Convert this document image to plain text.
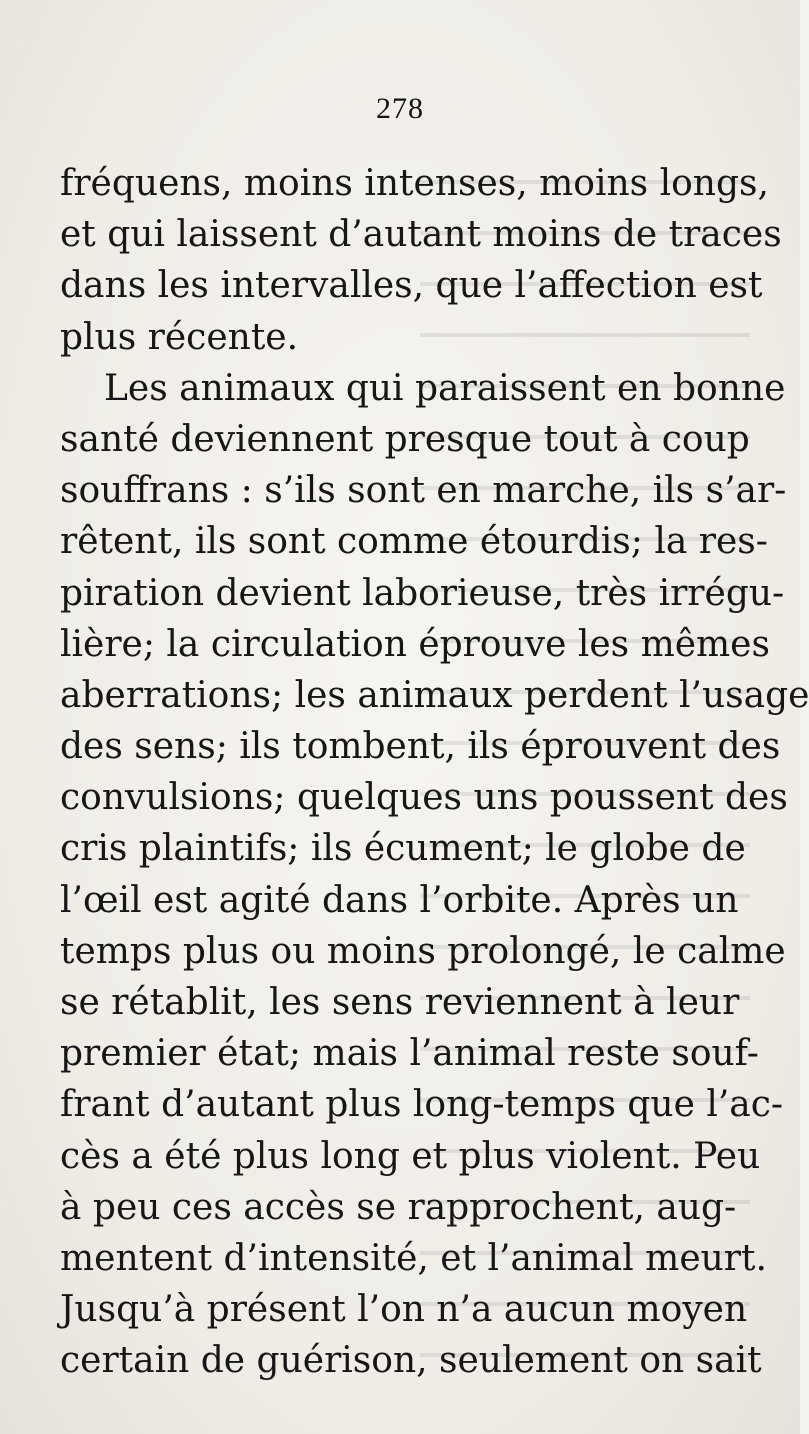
278
fréquens, moins intenses, moins longs,
et qui laissent d’autant moins de traces
dans les intervalles, que l’affection est
plus récente.
Les animaux qui paraissent en bonne
santé deviennent presque tout à coup
souffrans : s’ils sont en marche, ils s’ar-
rêtent, ils sont comme étourdis; la res-
piration devient laborieuse, très irrégu-
lière; la circulation éprouve les mêmes
aberrations; les animaux perdent l’usage
des sens; ils tombent, ils éprouvent des
convulsions; quelques uns poussent des
cris plaintifs; ils écument; le globe de
l’œil est agité dans l’orbite. Après un
temps plus ou moins prolongé, le calme
se rétablit, les sens reviennent à leur
premier état; mais l’animal reste souf-
frant d’autant plus long-temps que l’ac-
cès a été plus long et plus violent. Peu
à peu ces accès se rapprochent, aug-
mentent d’intensité, et l’animal meurt.
Jusqu’à présent l’on n’a aucun moyen
certain de guérison, seulement on sait
